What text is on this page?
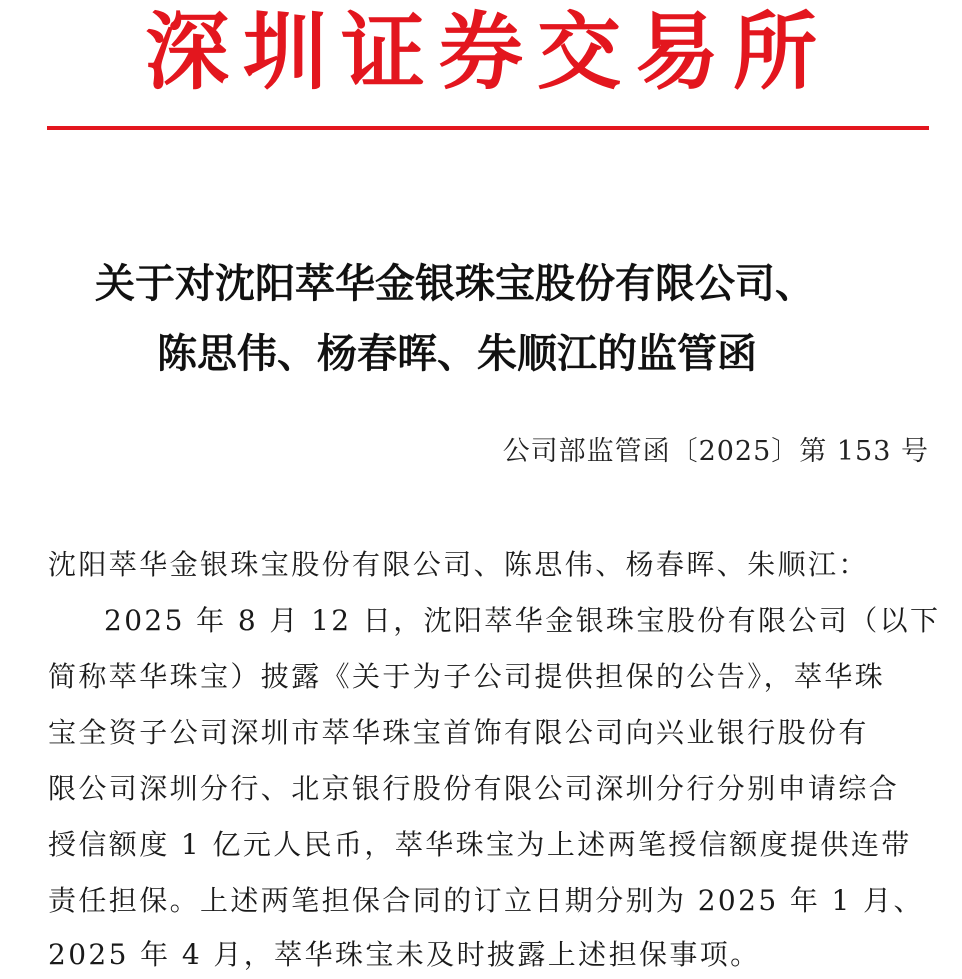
深圳证券交易所
关于对沈阳萃华金银珠宝股份有限公司、
陈思伟、杨春晖、朱顺江的监管函
公司部监管函〔2025〕第 153 号
沈阳萃华金银珠宝股份有限公司、陈思伟、杨春晖、朱顺江：
2025 年 8 月 12 日，沈阳萃华金银珠宝股份有限公司（以下
简称萃华珠宝）披露《关于为子公司提供担保的公告》，萃华珠
宝全资子公司深圳市萃华珠宝首饰有限公司向兴业银行股份有
限公司深圳分行、北京银行股份有限公司深圳分行分别申请综合
授信额度 1 亿元人民币，萃华珠宝为上述两笔授信额度提供连带
责任担保。上述两笔担保合同的订立日期分别为 2025 年 1 月、
2025 年 4 月，萃华珠宝未及时披露上述担保事项。
